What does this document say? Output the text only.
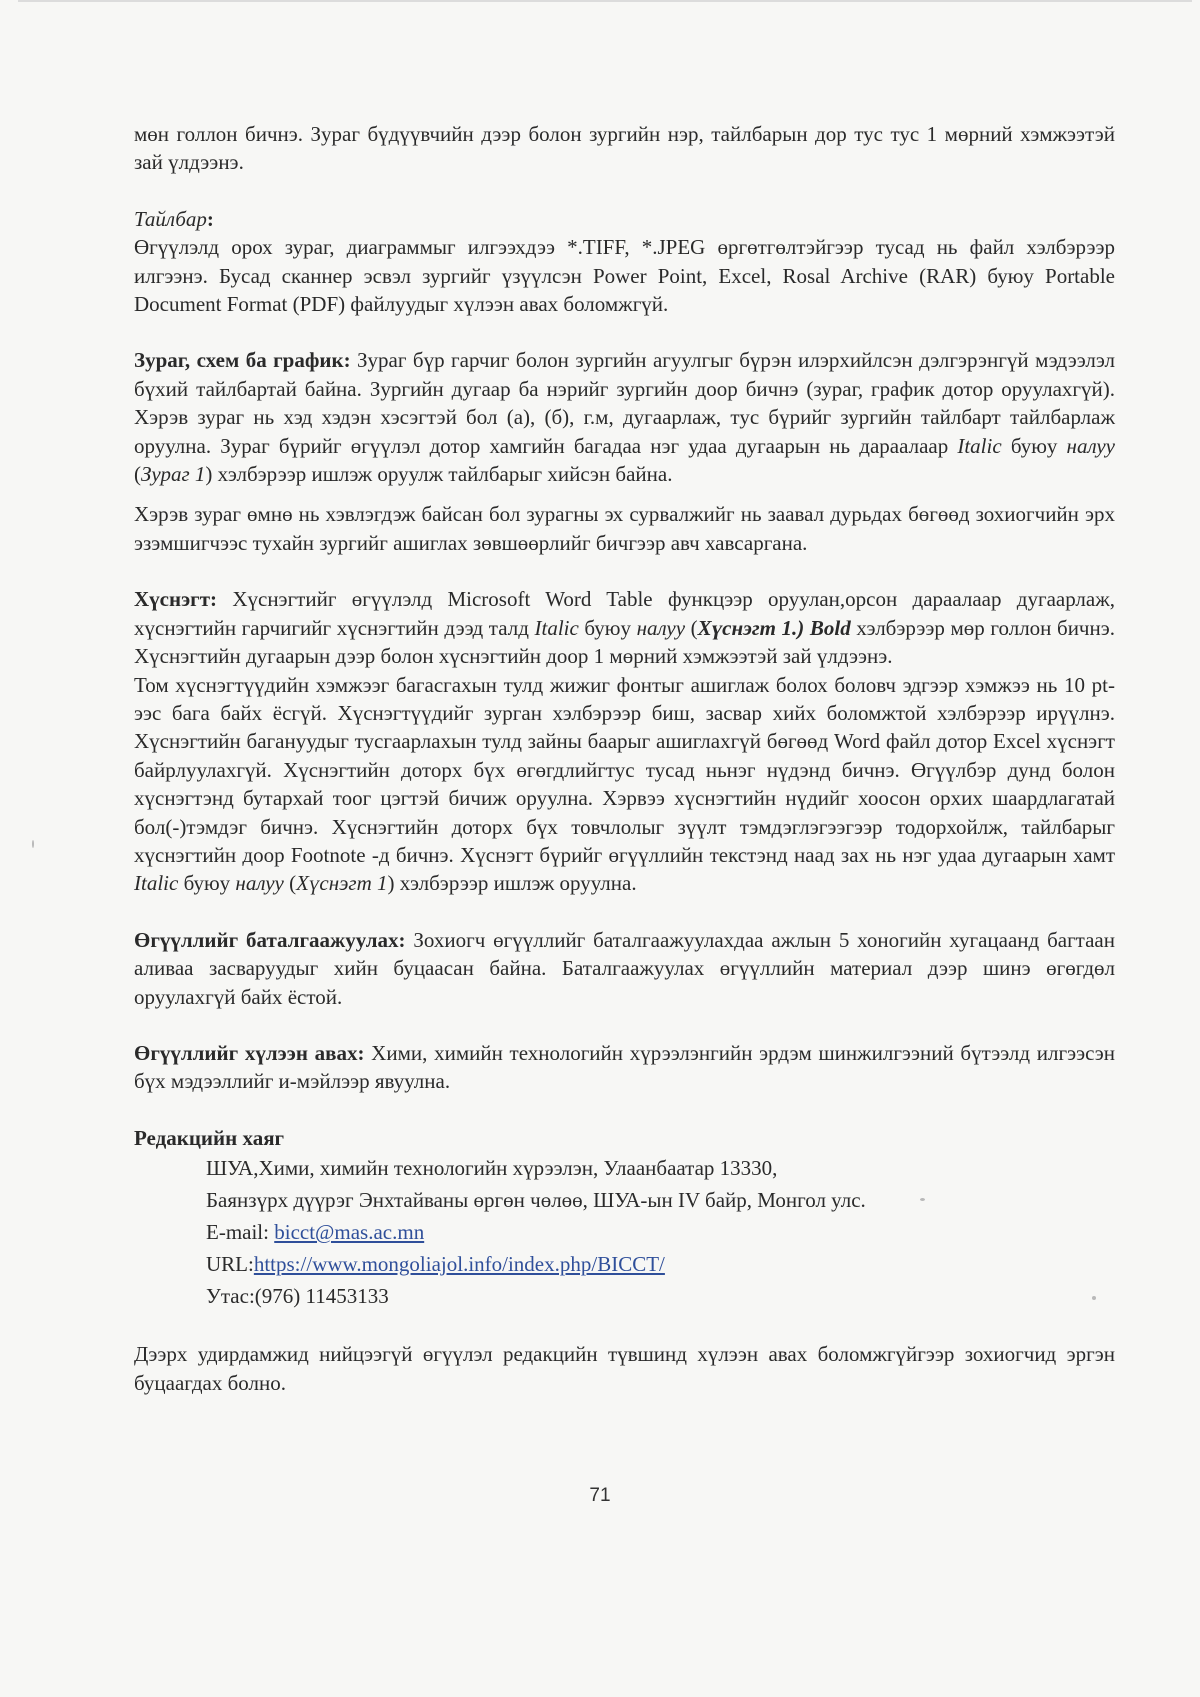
мөн голлон бичнэ. Зураг бүдүүвчийн дээр болон зургийн нэр, тайлбарын дор тус тус 1 мөрний хэмжээтэй зай үлдээнэ.

Тайлбар:

Өгүүлэлд орох зураг, диаграммыг илгээхдээ *.TIFF, *.JPEG өргөтгөлтэйгээр тусад нь файл хэлбэрээр илгээнэ. Бусад сканнер эсвэл зургийг үзүүлсэн Power Point, Excel, Rosal Archive (RAR) буюу Portable Document Format (PDF) файлуудыг хүлээн авах боломжгүй.

Зураг, схем ба график: Зураг бүр гарчиг болон зургийн агуулгыг бүрэн илэрхийлсэн дэлгэрэнгүй мэдээлэл бүхий тайлбартай байна. Зургийн дугаар ба нэрийг зургийн доор бичнэ (зураг, график дотор оруулахгүй). Хэрэв зураг нь хэд хэдэн хэсэгтэй бол (а), (б), г.м, дугаарлаж, тус бүрийг зургийн тайлбарт тайлбарлаж оруулна. Зураг бүрийг өгүүлэл дотор хамгийн багадаа нэг удаа дугаарын нь дараалаар Italic буюу налуу (Зураг 1) хэлбэрээр ишлэж оруулж тайлбарыг хийсэн байна.

Хэрэв зураг өмнө нь хэвлэгдэж байсан бол зурагны эх сурвалжийг нь заавал дурьдах бөгөөд зохиогчийн эрх эзэмшигчээс тухайн зургийг ашиглах зөвшөөрлийг бичгээр авч хавсаргана.

Хүснэгт: Хүснэгтийг өгүүлэлд Microsoft Word Table функцээр оруулан,орсон дараалаар дугаарлаж, хүснэгтийн гарчигийг хүснэгтийн дээд талд Italic буюу налуу (Хүснэгт 1.) Bold хэлбэрээр мөр голлон бичнэ. Хүснэгтийн дугаарын дээр болон хүснэгтийн доор 1 мөрний хэмжээтэй зай үлдээнэ.

Том хүснэгтүүдийн хэмжээг багасгахын тулд жижиг фонтыг ашиглаж болох боловч эдгээр хэмжээ нь 10 pt-ээс бага байх ёсгүй. Хүснэгтүүдийг зурган хэлбэрээр биш, засвар хийх боломжтой хэлбэрээр ирүүлнэ. Хүснэгтийн багануудыг тусгаарлахын тулд зайны баарыг ашиглахгүй бөгөөд Word файл дотор Excel хүснэгт байрлуулахгүй. Хүснэгтийн доторх бүх өгөгдлийгтус тусад ньнэг нүдэнд бичнэ. Өгүүлбэр дунд болон хүснэгтэнд бутархай тоог цэгтэй бичиж оруулна. Хэрвээ хүснэгтийн нүдийг хоосон орхих шаардлагатай бол(-)тэмдэг бичнэ. Хүснэгтийн доторх бүх товчлолыг зүүлт тэмдэглэгээгээр тодорхойлж, тайлбарыг хүснэгтийн доор Footnote -д бичнэ. Хүснэгт бүрийг өгүүллийн текстэнд наад зах нь нэг удаа дугаарын хамт Italic буюу налуу (Хүснэгт 1) хэлбэрээр ишлэж оруулна.

Өгүүллийг баталгаажуулах: Зохиогч өгүүллийг баталгаажуулахдаа ажлын 5 хоногийн хугацаанд багтаан аливаа засваруудыг хийн буцаасан байна. Баталгаажуулах өгүүллийн материал дээр шинэ өгөгдөл оруулахгүй байх ёстой.

Өгүүллийг хүлээн авах: Хими, химийн технологийн хүрээлэнгийн эрдэм шинжилгээний бүтээлд илгээсэн бүх мэдээллийг и-мэйлээр явуулна.

Редакцийн хаяг

ШУА,Хими, химийн технологийн хүрээлэн, Улаанбаатар 13330,
Баянзүрх дүүрэг Энхтайваны өргөн чөлөө, ШУА-ын IV байр, Монгол улс.
E-mail: bicct@mas.ac.mn
URL:https://www.mongoliajol.info/index.php/BICCT/
Утас:(976) 11453133

Дээрх удирдамжид нийцээгүй өгүүлэл редакцийн түвшинд хүлээн авах боломжгүйгээр зохиогчид эргэн буцаагдах болно.

71
